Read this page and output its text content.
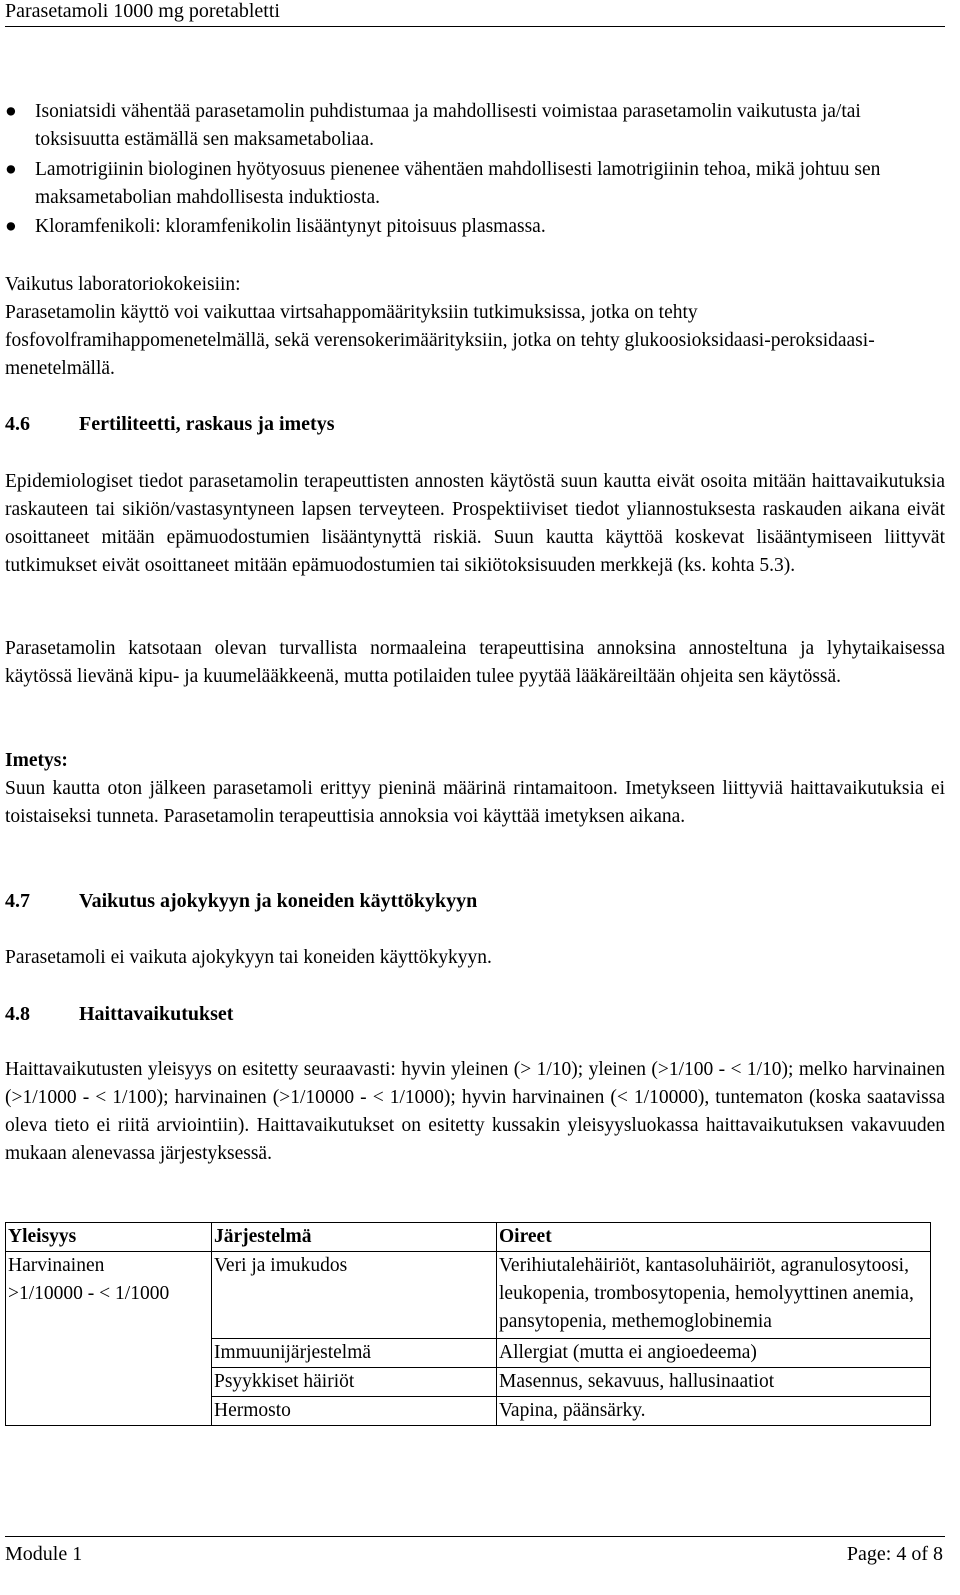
Parasetamoli 1000 mg poretabletti
● Isoniatsidi vähentää parasetamolin puhdistumaa ja mahdollisesti voimistaa parasetamolin vaikutusta ja/tai toksisuutta estämällä sen maksametaboliaa.
● Lamotrigiinin biologinen hyötyosuus pienenee vähentäen mahdollisesti lamotrigiinin tehoa, mikä johtuu sen maksametabolian mahdollisesta induktiosta.
● Kloramfenikoli: kloramfenikolin lisääntynyt pitoisuus plasmassa.
Vaikutus laboratoriokokeisiin:
Parasetamolin käyttö voi vaikuttaa virtsahappomäärityksiin tutkimuksissa, jotka on tehty fosfovolframihappomenetelmällä, sekä verensokerimäärityksiin, jotka on tehty glukoosioksidaasi-peroksidaasi-menetelmällä.
4.6 Fertiliteetti, raskaus ja imetys
Epidemiologiset tiedot parasetamolin terapeuttisten annosten käytöstä suun kautta eivät osoita mitään haittavaikutuksia raskauteen tai sikiön/vastasyntyneen lapsen terveyteen. Prospektiiviset tiedot yliannostuksesta raskauden aikana eivät osoittaneet mitään epämuodostumien lisääntynyttä riskiä. Suun kautta käyttöä koskevat lisääntymiseen liittyvät tutkimukset eivät osoittaneet mitään epämuodostumien tai sikiötoksisuuden merkkejä (ks. kohta 5.3).
Parasetamolin katsotaan olevan turvallista normaaleina terapeuttisina annoksina annosteltuna ja lyhytaikaisessa käytössä lievänä kipu- ja kuumelääkkeenä, mutta potilaiden tulee pyytää lääkäreiltään ohjeita sen käytössä.
Imetys:
Suun kautta oton jälkeen parasetamoli erittyy pieninä määrinä rintamaitoon. Imetykseen liittyviä haittavaikutuksia ei toistaiseksi tunneta. Parasetamolin terapeuttisia annoksia voi käyttää imetyksen aikana.
4.7 Vaikutus ajokykyyn ja koneiden käyttökykyyn
Parasetamoli ei vaikuta ajokykyyn tai koneiden käyttökykyyn.
4.8 Haittavaikutukset
Haittavaikutusten yleisyys on esitetty seuraavasti: hyvin yleinen (> 1/10); yleinen (>1/100 - < 1/10); melko harvinainen (>1/1000 - < 1/100); harvinainen (>1/10000 - < 1/1000); hyvin harvinainen (< 1/10000), tuntematon (koska saatavissa oleva tieto ei riitä arviointiin). Haittavaikutukset on esitetty kussakin yleisyysluokassa haittavaikutuksen vakavuuden mukaan alenevassa järjestyksessä.
Yleisyys	Järjestelmä	Oireet

Harvinainen
>1/10000 - < 1/1000	Veri ja imukudos	Verihiutalehäiriöt, kantasoluhäiriöt, agranulosytoosi, leukopenia, trombosytopenia, hemolyyttinen anemia, pansytopenia, methemoglobinemia
	Immuunijärjestelmä	Allergiat (mutta ei angioedeema)
	Psyykkiset häiriöt	Masennus, sekavuus, hallusinaatiot
	Hermosto	Vapina, päänsärky.
Module 1	Page: 4 of 8
